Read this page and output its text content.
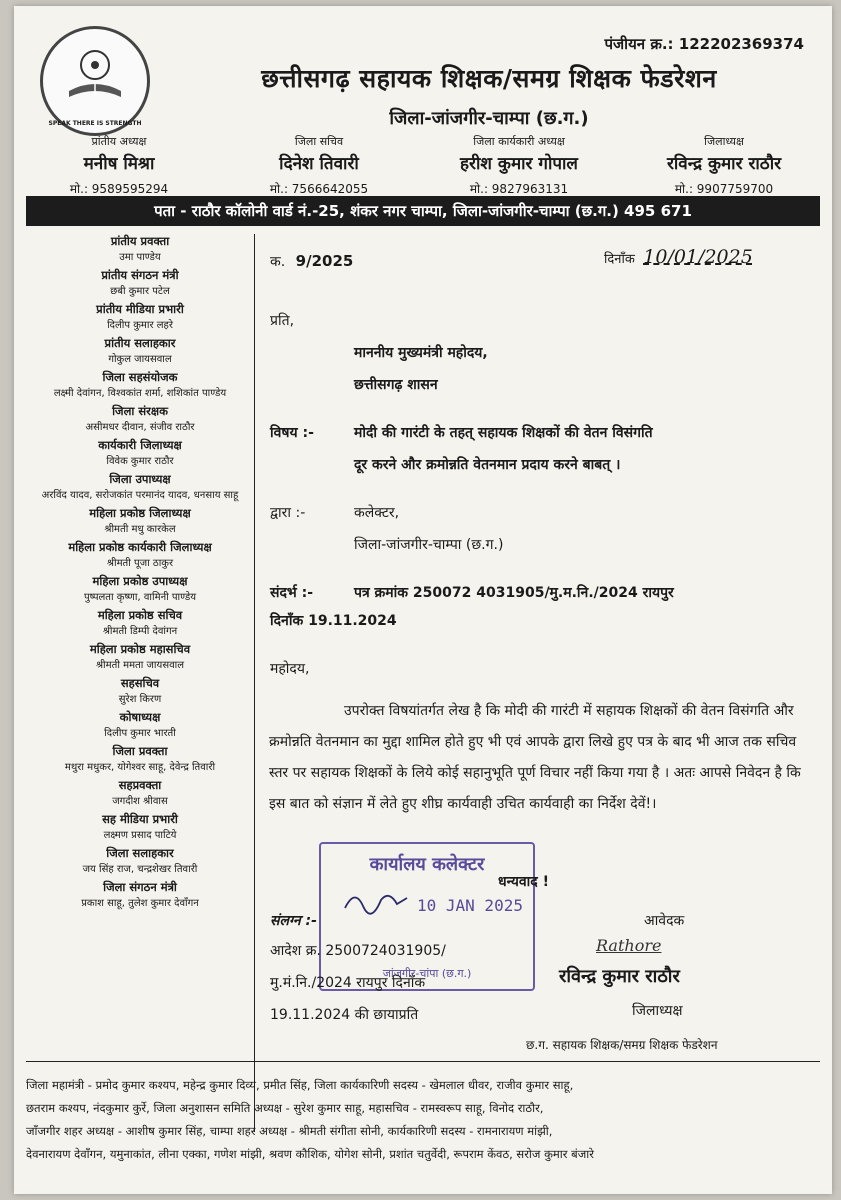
पंजीयन क्र.: 122202369374
SPEAK THERE IS STRENGTH
छत्तीसगढ़ सहायक शिक्षक/समग्र शिक्षक फेडरेशन
जिला-जांजगीर-चाम्पा (छ.ग.)
प्रांतीय अध्यक्ष
मनीष मिश्रा
मो.: 9589595294
जिला सचिव
दिनेश तिवारी
मो.: 7566642055
जिला कार्यकारी अध्यक्ष
हरीश कुमार गोपाल
मो.: 9827963131
जिलाध्यक्ष
रविन्द्र कुमार राठौर
मो.: 9907759700
पता - राठौर कॉलोनी वार्ड नं.-25, शंकर नगर चाम्पा, जिला-जांजगीर-चाम्पा (छ.ग.) 495 671
प्रांतीय प्रवक्ता
उमा पाण्डेय
प्रांतीय संगठन मंत्री
छबी कुमार पटेल
प्रांतीय मीडिया प्रभारी
दिलीप कुमार लहरे
प्रांतीय सलाहकार
गोकुल जायसवाल
जिला सहसंयोजक
लक्ष्मी देवांगन, विश्वकांत शर्मा, शशिकांत पाण्डेय
जिला संरक्षक
असीमधर दीवान, संजीव राठौर
कार्यकारी जिलाध्यक्ष
विवेक कुमार राठौर
जिला उपाध्यक्ष
अरविंद यादव, सरोजकांत परमानंद यादव, धनसाय साहू
महिला प्रकोष्ठ जिलाध्यक्ष
श्रीमती मधु कारकेल
महिला प्रकोष्ठ कार्यकारी जिलाध्यक्ष
श्रीमती पूजा ठाकुर
महिला प्रकोष्ठ उपाध्यक्ष
पुष्पलता कृष्णा, वामिनी पाण्डेय
महिला प्रकोष्ठ सचिव
श्रीमती डिम्पी देवांगन
महिला प्रकोष्ठ महासचिव
श्रीमती ममता जायसवाल
सहसचिव
सुरेश किरण
कोषाध्यक्ष
दिलीप कुमार भारती
जिला प्रवक्ता
मथुरा मधुकर, योगेश्वर साहू, देवेन्द्र तिवारी
सहप्रवक्ता
जगदीश श्रीवास
सह मीडिया प्रभारी
लक्ष्मण प्रसाद पाटिये
जिला सलाहकार
जय सिंह राज, चन्द्रशेखर तिवारी
जिला संगठन मंत्री
प्रकाश साहू, तुलेश कुमार देवाँगन
क. 9/2025	दिनाँक 10/01/2025
प्रति,
माननीय मुख्यमंत्री महोदय,
छत्तीसगढ़ शासन
विषय :-	मोदी की गारंटी के तहत् सहायक शिक्षकों की वेतन विसंगति
दूर करने और क्रमोन्नति वेतनमान प्रदाय करने बाबत् ।
द्वारा :-	कलेक्टर,
जिला-जांजगीर-चाम्पा (छ.ग.)
संदर्भ :-	पत्र क्रमांक 250072 4031905/मु.म.नि./2024 रायपुर
दिनाँक 19.11.2024
महोदय,
उपरोक्त विषयांतर्गत लेख है कि मोदी की गारंटी में सहायक शिक्षकों की वेतन विसंगति और क्रमोन्नति वेतनमान का मुद्दा शामिल होते हुए भी एवं आपके द्वारा लिखे हुए पत्र के बाद भी आज तक सचिव स्तर पर सहायक शिक्षकों के लिये कोई सहानुभूति पूर्ण विचार नहीं किया गया है । अतः आपसे निवेदन है कि इस बात को संज्ञान में लेते हुए शीघ्र कार्यवाही उचित कार्यवाही का निर्देश देवें!।
कार्यालय कलेक्टर
10 JAN 2025
जांजगीर-चांपा (छ.ग.)
धन्यवाद !
संलग्न :-
आदेश क्र. 2500724031905/
मु.मं.नि./2024 रायपुर दिनाँक
19.11.2024 की छायाप्रति
आवेदक
Rathore
रविन्द्र कुमार राठौर
जिलाध्यक्ष
छ.ग. सहायक शिक्षक/समग्र शिक्षक फेडरेशन
जिला महामंत्री - प्रमोद कुमार कश्यप, महेन्द्र कुमार दिव्य, प्रमीत सिंह, जिला कार्यकारिणी सदस्य - खेमलाल धीवर, राजीव कुमार साहू,
छतराम कश्यप, नंदकुमार कुर्रे, जिला अनुशासन समिति अध्यक्ष - सुरेश कुमार साहू, महासचिव - रामस्वरूप साहू, विनोद राठौर,
जाँजगीर शहर अध्यक्ष - आशीष कुमार सिंह, चाम्पा शहर अध्यक्ष - श्रीमती संगीता सोनी, कार्यकारिणी सदस्य - रामनारायण मांझी,
देवनारायण देवाँगन, यमुनाकांत, लीना एक्का, गणेश मांझी, श्रवण कौशिक, योगेश सोनी, प्रशांत चतुर्वेदी, रूपराम केंवठ, सरोज कुमार बंजारे
